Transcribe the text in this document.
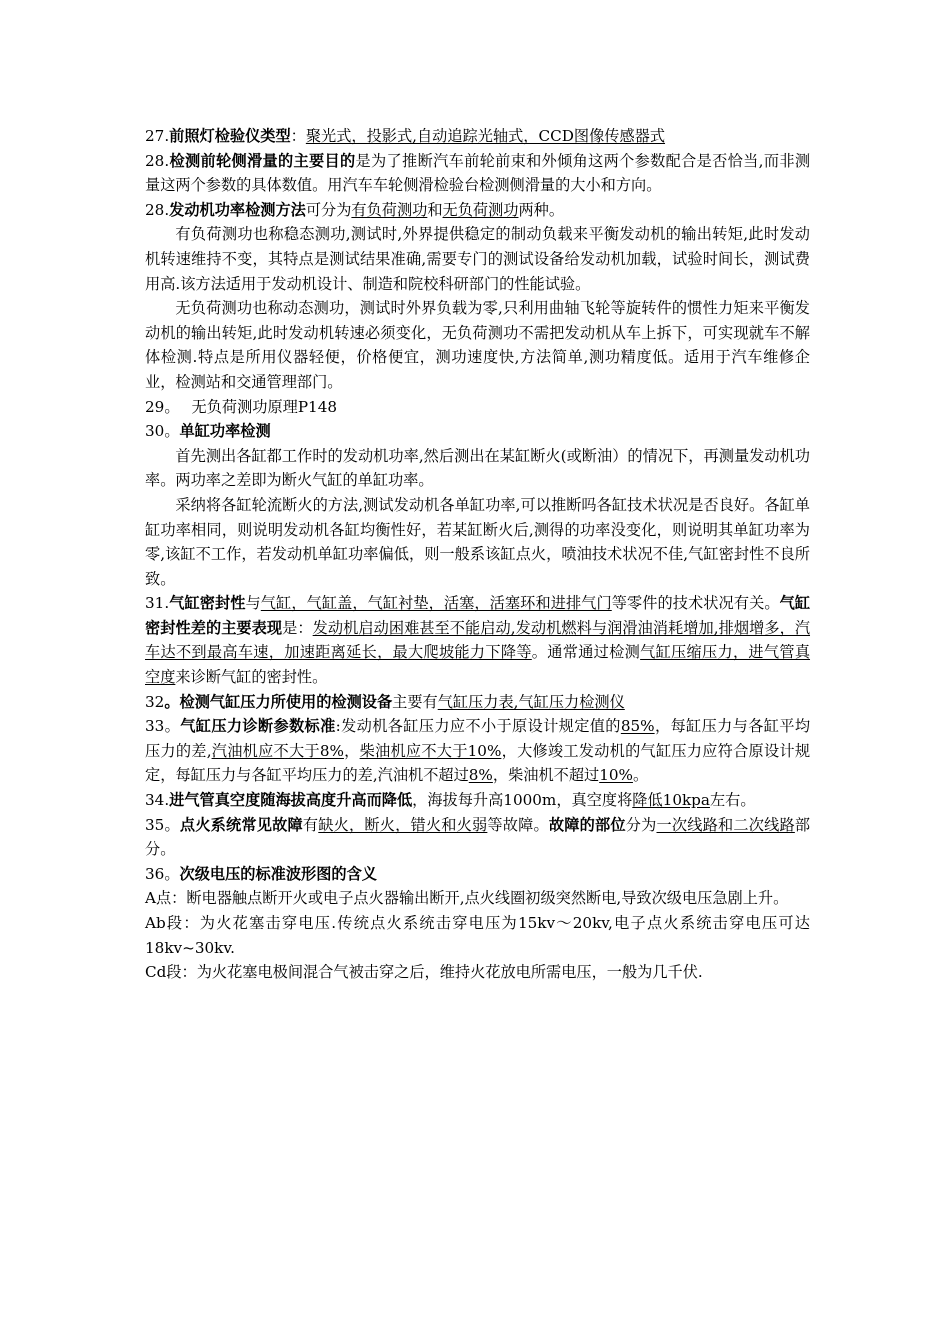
27.前照灯检验仪类型：聚光式，投影式,自动追踪光轴式，CCD图像传感器式

28.检测前轮侧滑量的主要目的是为了推断汽车前轮前束和外倾角这两个参数配合是否恰当,而非测量这两个参数的具体数值。用汽车车轮侧滑检验台检测侧滑量的大小和方向。

28.发动机功率检测方法可分为有负荷测功和无负荷测功两种。

有负荷测功也称稳态测功,测试时,外界提供稳定的制动负载来平衡发动机的输出转矩,此时发动机转速维持不变，其特点是测试结果准确,需要专门的测试设备给发动机加载，试验时间长，测试费用高.该方法适用于发动机设计、制造和院校科研部门的性能试验。

无负荷测功也称动态测功，测试时外界负载为零,只利用曲轴飞轮等旋转件的惯性力矩来平衡发动机的输出转矩,此时发动机转速必须变化，无负荷测功不需把发动机从车上拆下，可实现就车不解体检测.特点是所用仪器轻便，价格便宜，测功速度快,方法简单,测功精度低。适用于汽车维修企业，检测站和交通管理部门。

29。 无负荷测功原理P148

30。单缸功率检测

首先测出各缸都工作时的发动机功率,然后测出在某缸断火(或断油）的情况下，再测量发动机功率。两功率之差即为断火气缸的单缸功率。

采纳将各缸轮流断火的方法,测试发动机各单缸功率,可以推断吗各缸技术状况是否良好。各缸单缸功率相同，则说明发动机各缸均衡性好，若某缸断火后,测得的功率没变化，则说明其单缸功率为零,该缸不工作，若发动机单缸功率偏低，则一般系该缸点火，喷油技术状况不佳,气缸密封性不良所致。

31.气缸密封性与气缸，气缸盖，气缸衬垫，活塞，活塞环和进排气门等零件的技术状况有关。气缸密封性差的主要表现是：发动机启动困难甚至不能启动,发动机燃料与润滑油消耗增加,排烟增多，汽车达不到最高车速，加速距离延长，最大爬坡能力下降等。通常通过检测气缸压缩压力，进气管真空度来诊断气缸的密封性。

32。检测气缸压力所使用的检测设备主要有气缸压力表,气缸压力检测仪

33。气缸压力诊断参数标准:发动机各缸压力应不小于原设计规定值的85%，每缸压力与各缸平均压力的差,汽油机应不大于8%，柴油机应不大于10%，大修竣工发动机的气缸压力应符合原设计规定，每缸压力与各缸平均压力的差,汽油机不超过8%，柴油机不超过10%。

34.进气管真空度随海拔高度升高而降低，海拔每升高1000m，真空度将降低10kpa左右。

35。点火系统常见故障有缺火，断火，错火和火弱等故障。故障的部位分为一次线路和二次线路部分。

36。次级电压的标准波形图的含义

A点：断电器触点断开火或电子点火器输出断开,点火线圈初级突然断电,导致次级电压急剧上升。

Ab段：为火花塞击穿电压.传统点火系统击穿电压为15kv～20kv,电子点火系统击穿电压可达18kv~30kv.

Cd段：为火花塞电极间混合气被击穿之后，维持火花放电所需电压，一般为几千伏.
